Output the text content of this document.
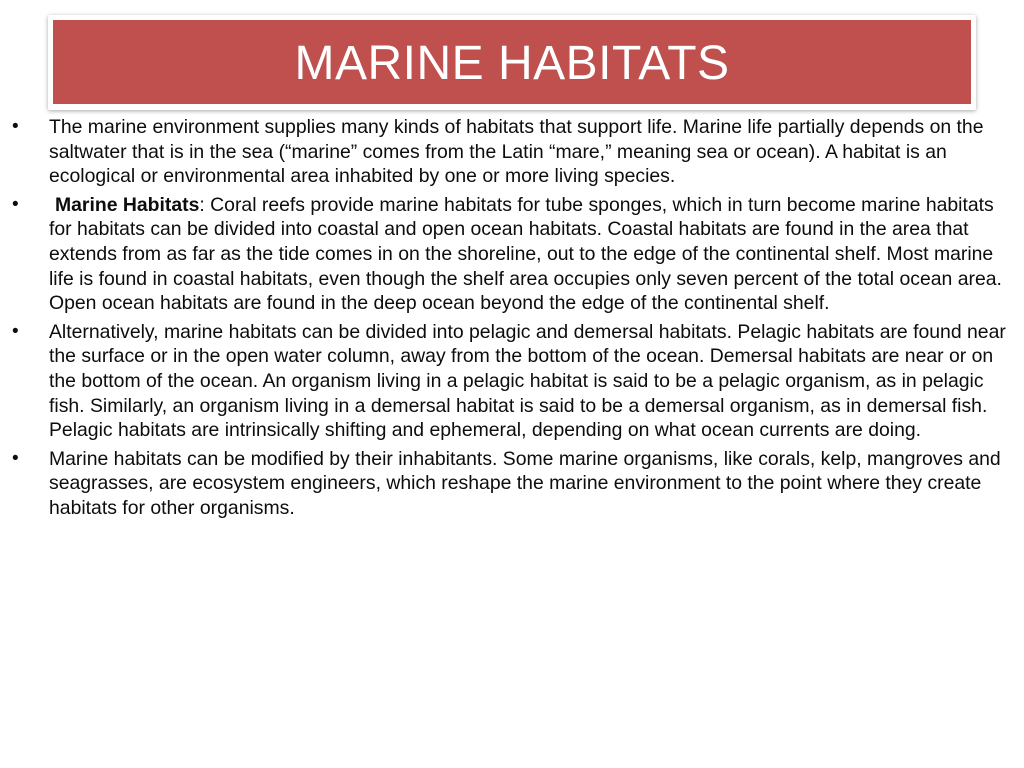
MARINE HABITATS
•	The marine environment supplies many kinds of habitats that support life. Marine life partially depends on the saltwater that is in the sea (“marine” comes from the Latin “mare,” meaning sea or ocean). A habitat is an ecological or environmental area inhabited by one or more living species.
•	Marine Habitats: Coral reefs provide marine habitats for tube sponges, which in turn become marine habitats for habitats can be divided into coastal and open ocean habitats. Coastal habitats are found in the area that extends from as far as the tide comes in on the shoreline, out to the edge of the continental shelf. Most marine life is found in coastal habitats, even though the shelf area occupies only seven percent of the total ocean area. Open ocean habitats are found in the deep ocean beyond the edge of the continental shelf.
•	Alternatively, marine habitats can be divided into pelagic and demersal habitats. Pelagic habitats are found near the surface or in the open water column, away from the bottom of the ocean. Demersal habitats are near or on the bottom of the ocean. An organism living in a pelagic habitat is said to be a pelagic organism, as in pelagic fish. Similarly, an organism living in a demersal habitat is said to be a demersal organism, as in demersal fish. Pelagic habitats are intrinsically shifting and ephemeral, depending on what ocean currents are doing.
•	Marine habitats can be modified by their inhabitants. Some marine organisms, like corals, kelp, mangroves and seagrasses, are ecosystem engineers, which reshape the marine environment to the point where they create habitats for other organisms.
